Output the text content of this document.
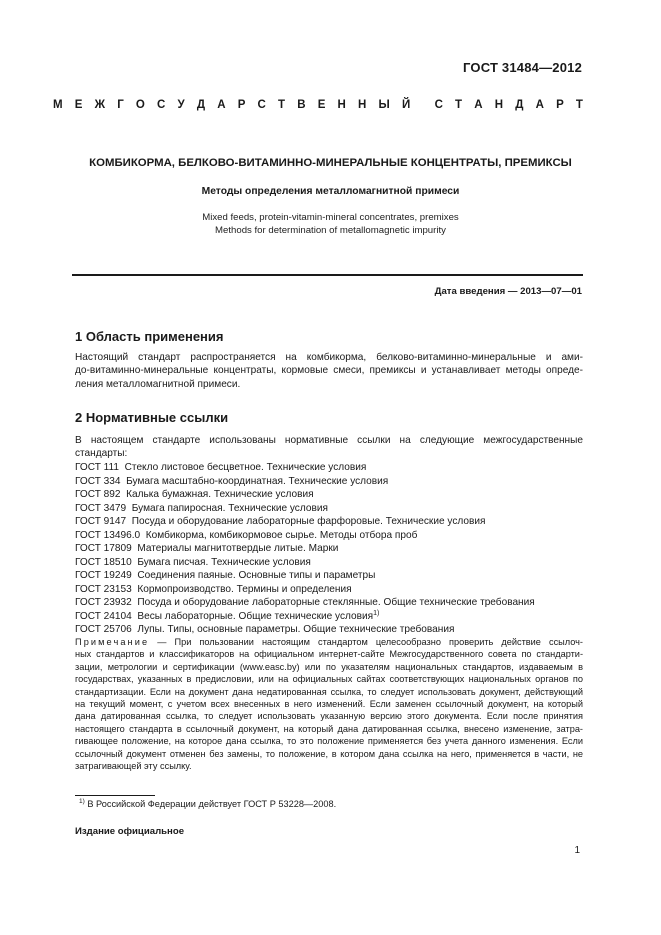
ГОСТ 31484—2012
М Е Ж Г О С У Д А Р С Т В Е Н Н Ы Й С Т А Н Д А Р Т
КОМБИКОРМА, БЕЛКОВО-ВИТАМИННО-МИНЕРАЛЬНЫЕ КОНЦЕНТРАТЫ, ПРЕМИКСЫ
Методы определения металломагнитной примеси
Mixed feeds, protein-vitamin-mineral concentrates, premixes
Methods for determination of metallomagnetic impurity
Дата введения — 2013—07—01
1 Область применения
Настоящий стандарт распространяется на комбикорма, белково-витаминно-минеральные и ами-
до-витаминно-минеральные концентраты, кормовые смеси, премиксы и устанавливает методы опреде-
ления металломагнитной примеси.
2 Нормативные ссылки
В настоящем стандарте использованы нормативные ссылки на следующие межгосударственные
стандарты:
ГОСТ 111 Стекло листовое бесцветное. Технические условия
ГОСТ 334 Бумага масштабно-координатная. Технические условия
ГОСТ 892 Калька бумажная. Технические условия
ГОСТ 3479 Бумага папиросная. Технические условия
ГОСТ 9147 Посуда и оборудование лабораторные фарфоровые. Технические условия
ГОСТ 13496.0 Комбикорма, комбикормовое сырье. Методы отбора проб
ГОСТ 17809 Материалы магнитотвердые литые. Марки
ГОСТ 18510 Бумага писчая. Технические условия
ГОСТ 19249 Соединения паяные. Основные типы и параметры
ГОСТ 23153 Кормопроизводство. Термины и определения
ГОСТ 23932 Посуда и оборудование лабораторные стеклянные. Общие технические требования
ГОСТ 24104 Весы лабораторные. Общие технические условия$^{1)}$
ГОСТ 25706 Лупы. Типы, основные параметры. Общие технические требования
Примечание — При пользовании настоящим стандартом целесообразно проверить действие ссылоч-
ных стандартов и классификаторов на официальном интернет-сайте Межгосударственного совета по стандарти-
зации, метрологии и сертификации (www.easc.by) или по указателям национальных стандартов, издаваемым в
государствах, указанных в предисловии, или на официальных сайтах соответствующих национальных органов по
стандартизации. Если на документ дана недатированная ссылка, то следует использовать документ, действующий
на текущий момент, с учетом всех внесенных в него изменений. Если заменен ссылочный документ, на который
дана датированная ссылка, то следует использовать указанную версию этого документа. Если после принятия
настоящего стандарта в ссылочный документ, на который дана датированная ссылка, внесено изменение, затра-
гивающее положение, на которое дана ссылка, то это положение применяется без учета данного изменения. Если
ссылочный документ отменен без замены, то положение, в котором дана ссылка на него, применяется в части, не
затрагивающей эту ссылку.
$^{1)}$ В Российской Федерации действует ГОСТ Р 53228—2008.
Издание официальное
1
